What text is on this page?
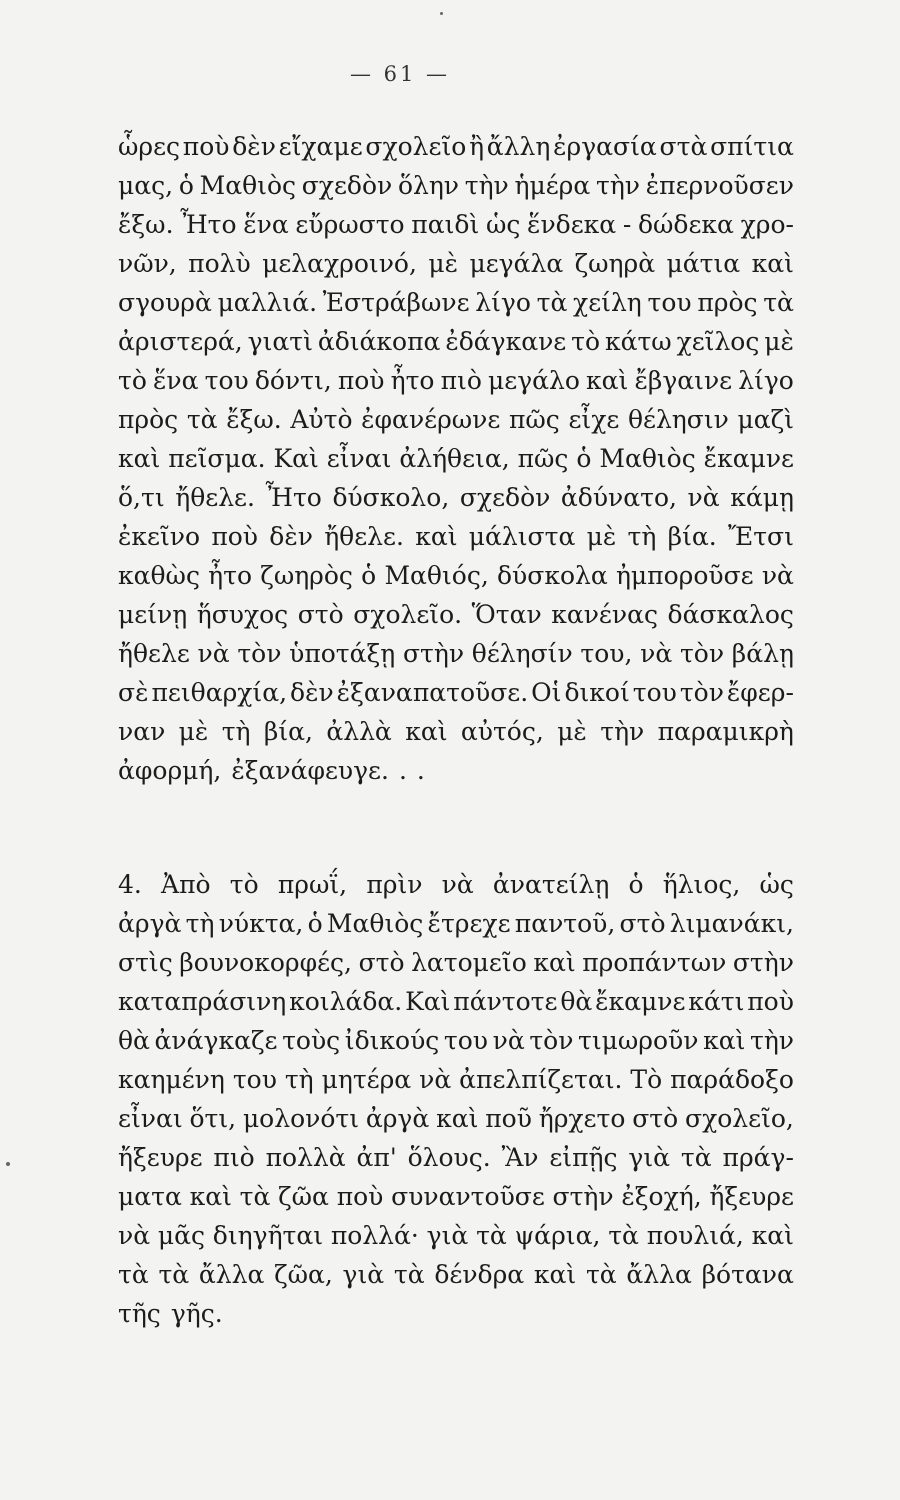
— 61 —
ὧρες ποὺ δὲν εἴχαμε σχολεῖο ἢ ἄλλη ἐργασία στὰ σπίτια
μας, ὁ Μαθιὸς σχεδὸν ὅλην τὴν ἡμέρα τὴν ἐπερνοῦσεν
ἔξω. Ἦτο ἕνα εὔρωστο παιδὶ ὡς ἕνδεκα - δώδεκα χρο-
νῶν, πολὺ μελαχροινό, μὲ μεγάλα ζωηρὰ μάτια καὶ
σγουρὰ μαλλιά. Ἐστράβωνε λίγο τὰ χείλη του πρὸς τὰ
ἀριστερά, γιατὶ ἀδιάκοπα ἐδάγκανε τὸ κάτω χεῖλος μὲ
τὸ ἕνα του δόντι, ποὺ ἦτο πιὸ μεγάλο καὶ ἔβγαινε λίγο
πρὸς τὰ ἔξω. Αὐτὸ ἐφανέρωνε πῶς εἶχε θέλησιν μαζὶ
καὶ πεῖσμα. Καὶ εἶναι ἀλήθεια, πῶς ὁ Μαθιὸς ἔκαμνε
ὅ,τι ἤθελε. Ἦτο δύσκολο, σχεδὸν ἀδύνατο, νὰ κάμῃ
ἐκεῖνο ποὺ δὲν ἤθελε. καὶ μάλιστα μὲ τὴ βία. Ἔτσι
καθὼς ἦτο ζωηρὸς ὁ Μαθιός, δύσκολα ἠμποροῦσε νὰ
μείνῃ ἥσυχος στὸ σχολεῖο. Ὅταν κανένας δάσκαλος
ἤθελε νὰ τὸν ὑποτάξῃ στὴν θέλησίν του, νὰ τὸν βάλῃ
σὲ πειθαρχία, δὲν ἐξαναπατοῦσε. Οἱ δικοί του τὸν ἔφερ-
ναν μὲ τὴ βία, ἀλλὰ καὶ αὐτός, μὲ τὴν παραμικρὴ
ἀφορμή, ἐξανάφευγε. . .
4. Ἀπὸ τὸ πρωΐ, πρὶν νὰ ἀνατείλῃ ὁ ἥλιος, ὡς
ἀργὰ τὴ νύκτα, ὁ Μαθιὸς ἔτρεχε παντοῦ, στὸ λιμανάκι,
στὶς βουνοκορφές, στὸ λατομεῖο καὶ προπάντων στὴν
καταπράσινη κοιλάδα. Καὶ πάντοτε θὰ ἔκαμνε κάτι ποὺ
θὰ ἀνάγκαζε τοὺς ἰδικούς του νὰ τὸν τιμωροῦν καὶ τὴν
καημένη του τὴ μητέρα νὰ ἀπελπίζεται. Τὸ παράδοξο
εἶναι ὅτι, μολονότι ἀργὰ καὶ ποῦ ἤρχετο στὸ σχολεῖο,
ἤξευρε πιὸ πολλὰ ἀπ' ὅλους. Ἂν εἰπῇς γιὰ τὰ πράγ-
ματα καὶ τὰ ζῶα ποὺ συναντοῦσε στὴν ἐξοχή, ἤξευρε
νὰ μᾶς διηγῆται πολλά· γιὰ τὰ ψάρια, τὰ πουλιά, καὶ
τὰ τὰ ἄλλα ζῶα, γιὰ τὰ δένδρα καὶ τὰ ἄλλα βότανα
τῆς γῆς.
